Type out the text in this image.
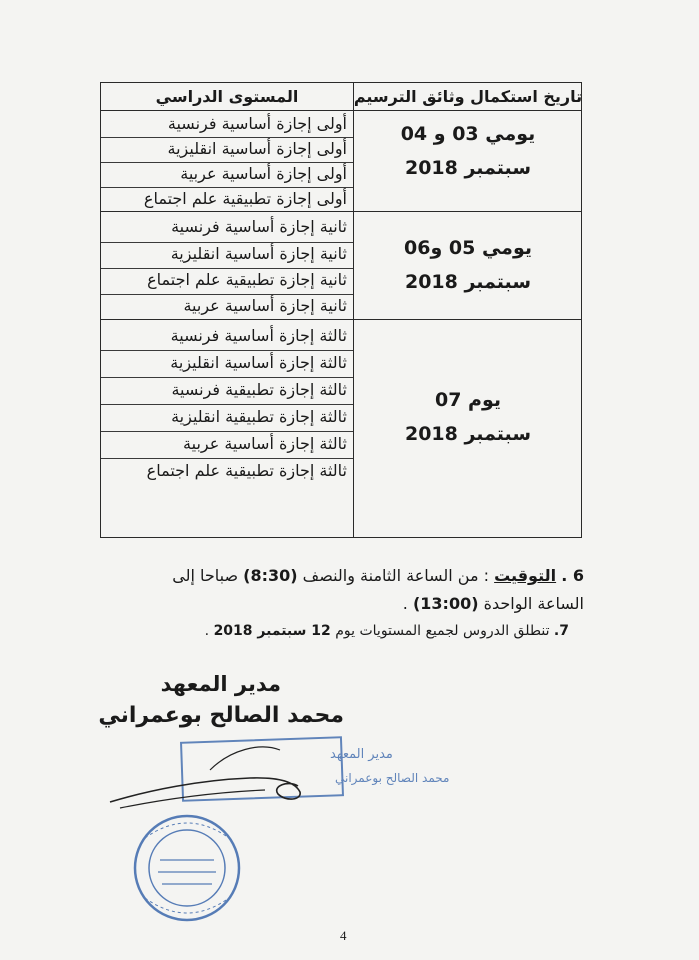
تاريخ استكمال وثائق الترسيم
المستوى الدراسي
أولى إجازة أساسية فرنسية
أولى إجازة أساسية انقليزية
أولى إجازة أساسية عربية
أولى إجازة تطبيقية علم اجتماع
يومي 03 و 04
سبتمبر 2018
ثانية إجازة أساسية فرنسية
ثانية إجازة أساسية انقليزية
ثانية إجازة تطبيقية علم اجتماع
ثانية إجازة أساسية عربية
يومي 05 و06
سبتمبر 2018
ثالثة إجازة أساسية فرنسية
ثالثة إجازة أساسية انقليزية
ثالثة إجازة تطبيقية فرنسية
ثالثة إجازة تطبيقية انقليزية
ثالثة إجازة أساسية عربية
ثالثة إجازة تطبيقية علم اجتماع
يوم 07
سبتمبر 2018
6 . التوقيت : من الساعة الثامنة والنصف (8:30) صباحا إلى
الساعة الواحدة (13:00) .
7. تنطلق الدروس لجميع المستويات يوم 12 سبتمبر 2018 .
مدير المعهد
محمد الصالح بوعمراني
مدير المعهد
محمد الصالح بوعمراني
4
